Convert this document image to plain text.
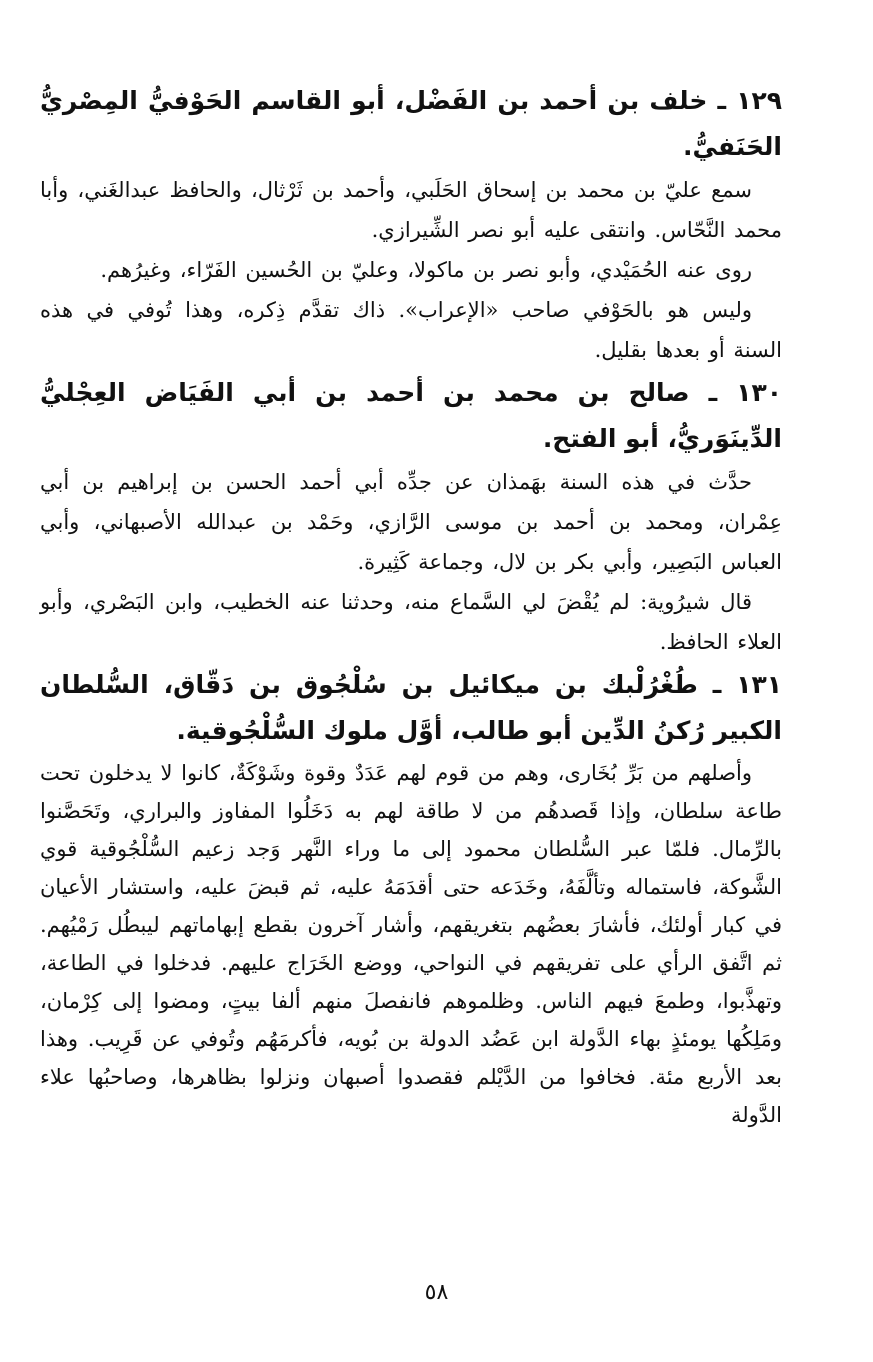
١٢٩ ـ خلف بن أحمد بن الفَضْل، أبو القاسم الحَوْفيُّ المِصْريُّ الحَنَفيُّ.

سمع عليّ بن محمد بن إسحاق الحَلَبي، وأحمد بن ثَرْثال، والحافظ عبدالغَني، وأبا محمد النَّحّاس. وانتقى عليه أبو نصر الشِّيرازي.

روى عنه الحُمَيْدي، وأبو نصر بن ماكولا، وعليّ بن الحُسين الفَرّاء، وغيرُهم.

وليس هو بالحَوْفي صاحب «الإعراب». ذاك تقدَّم ذِكره، وهذا تُوفي في هذه السنة أو بعدها بقليل.

١٣٠ ـ صالح بن محمد بن أحمد بن أبي الفَيَاض العِجْليُّ الدِّينَوَريُّ، أبو الفتح.

حدَّث في هذه السنة بهَمذان عن جدِّه أبي أحمد الحسن بن إبراهيم بن أبي عِمْران، ومحمد بن أحمد بن موسى الرَّازي، وحَمْد بن عبدالله الأصبهاني، وأبي العباس البَصِير، وأبي بكر بن لال، وجماعة كَثِيرة.

قال شيرُوية: لم يُقْضَ لي السَّماع منه، وحدثنا عنه الخطيب، وابن البَصْري، وأبو العلاء الحافظ.

١٣١ ـ طُغْرُلْبك بن ميكائيل بن سُلْجُوق بن دَقّاق، السُّلطان الكبير رُكنُ الدِّين أبو طالب، أوَّل ملوك السُّلْجُوقية.

وأصلهم من بَرِّ بُخَارى، وهم من قوم لهم عَدَدٌ وقوة وشَوْكَةٌ، كانوا لا يدخلون تحت طاعة سلطان، وإذا قَصدهُم من لا طاقة لهم به دَخَلُوا المفاوز والبراري، وتَحَصَّنوا بالرِّمال. فلمّا عبر السُّلطان محمود إلى ما وراء النَّهر وَجد زعيم السُّلْجُوقية قوي الشَّوكة، فاستماله وتألَّفَهُ، وخَدَعه حتى أقدَمَهُ عليه، ثم قبضَ عليه، واستشار الأعيان في كبار أولئك، فأشارَ بعضُهم بتغريقهم، وأشار آخرون بقطع إبهاماتهم ليبطُل رَمْيُهم. ثم اتَّفق الرأي على تفريقهم في النواحي، ووضع الخَرَاج عليهم. فدخلوا في الطاعة، وتهذَّبوا، وطمعَ فيهم الناس. وظلموهم فانفصلَ منهم ألفا بيتٍ، ومضوا إلى كِرْمان، ومَلِكُها يومئذٍ بهاء الدَّولة ابن عَضُد الدولة بن بُويه، فأكرمَهُم وتُوفي عن قَرِيب. وهذا بعد الأربع مئة. فخافوا من الدَّيْلم فقصدوا أصبهان ونزلوا بظاهرها، وصاحبُها علاء الدَّولة

٥٨
